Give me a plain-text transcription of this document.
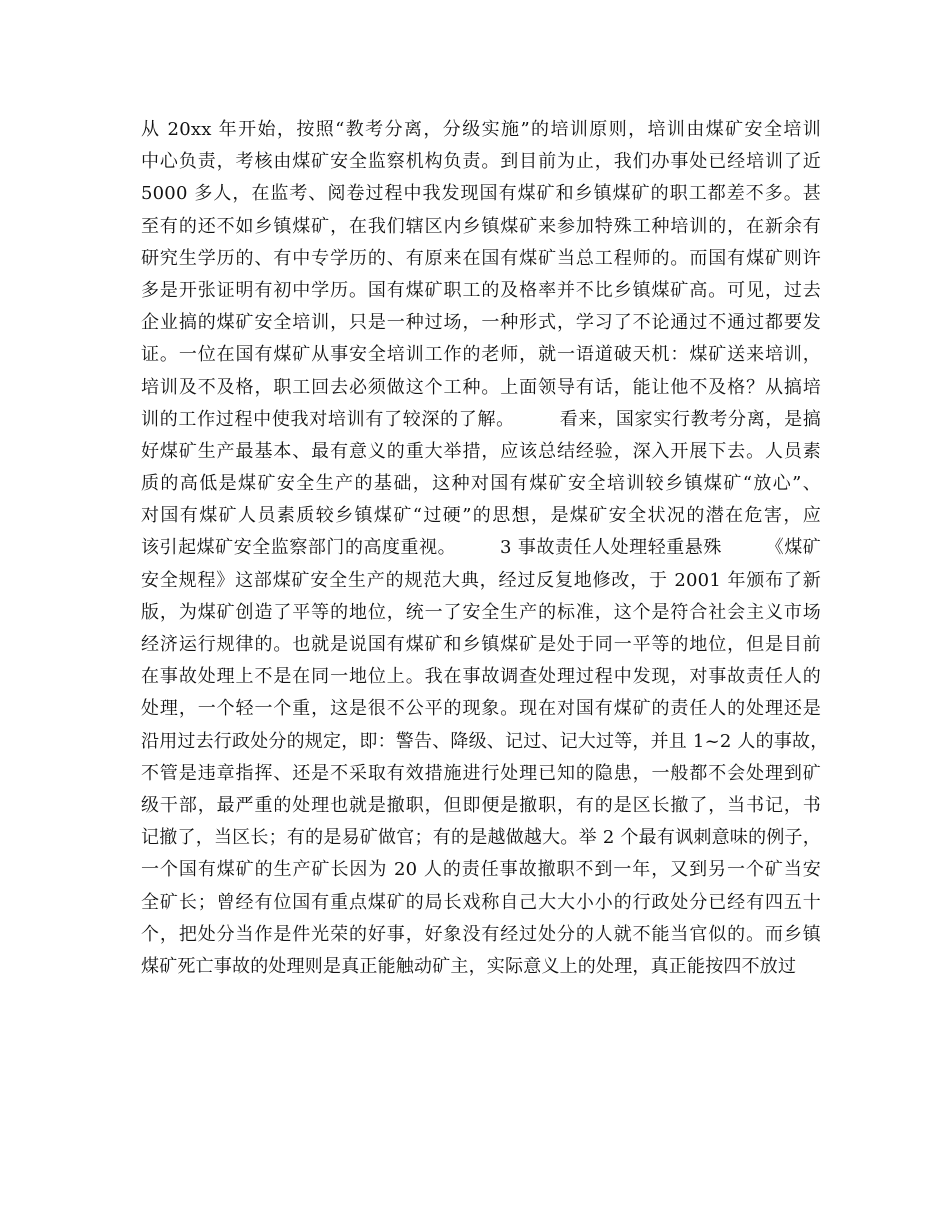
从 20xx 年开始，按照“教考分离，分级实施”的培训原则，培训由煤矿安全培训
中心负责，考核由煤矿安全监察机构负责。到目前为止，我们办事处已经培训了近
5000 多人，在监考、阅卷过程中我发现国有煤矿和乡镇煤矿的职工都差不多。甚
至有的还不如乡镇煤矿，在我们辖区内乡镇煤矿来参加特殊工种培训的，在新余有
研究生学历的、有中专学历的、有原来在国有煤矿当总工程师的。而国有煤矿则许
多是开张证明有初中学历。国有煤矿职工的及格率并不比乡镇煤矿高。可见，过去
企业搞的煤矿安全培训，只是一种过场，一种形式，学习了不论通过不通过都要发
证。一位在国有煤矿从事安全培训工作的老师，就一语道破天机：煤矿送来培训，
培训及不及格，职工回去必须做这个工种。上面领导有话，能让他不及格？从搞培
训的工作过程中使我对培训有了较深的了解。       看来，国家实行教考分离，是搞
好煤矿生产最基本、最有意义的重大举措，应该总结经验，深入开展下去。人员素
质的高低是煤矿安全生产的基础，这种对国有煤矿安全培训较乡镇煤矿“放心”、
对国有煤矿人员素质较乡镇煤矿“过硬”的思想，是煤矿安全状况的潜在危害，应
该引起煤矿安全监察部门的高度重视。       3 事故责任人处理轻重悬殊       《煤矿
安全规程》这部煤矿安全生产的规范大典，经过反复地修改，于 2001 年颁布了新
版，为煤矿创造了平等的地位，统一了安全生产的标准，这个是符合社会主义市场
经济运行规律的。也就是说国有煤矿和乡镇煤矿是处于同一平等的地位，但是目前
在事故处理上不是在同一地位上。我在事故调查处理过程中发现，对事故责任人的
处理，一个轻一个重，这是很不公平的现象。现在对国有煤矿的责任人的处理还是
沿用过去行政处分的规定，即：警告、降级、记过、记大过等，并且 1~2 人的事故，
不管是违章指挥、还是不采取有效措施进行处理已知的隐患，一般都不会处理到矿
级干部，最严重的处理也就是撤职，但即便是撤职，有的是区长撤了，当书记，书
记撤了，当区长；有的是易矿做官；有的是越做越大。举 2 个最有讽刺意味的例子，
一个国有煤矿的生产矿长因为 20 人的责任事故撤职不到一年，又到另一个矿当安
全矿长；曾经有位国有重点煤矿的局长戏称自己大大小小的行政处分已经有四五十
个，把处分当作是件光荣的好事，好象没有经过处分的人就不能当官似的。而乡镇
煤矿死亡事故的处理则是真正能触动矿主，实际意义上的处理，真正能按四不放过
